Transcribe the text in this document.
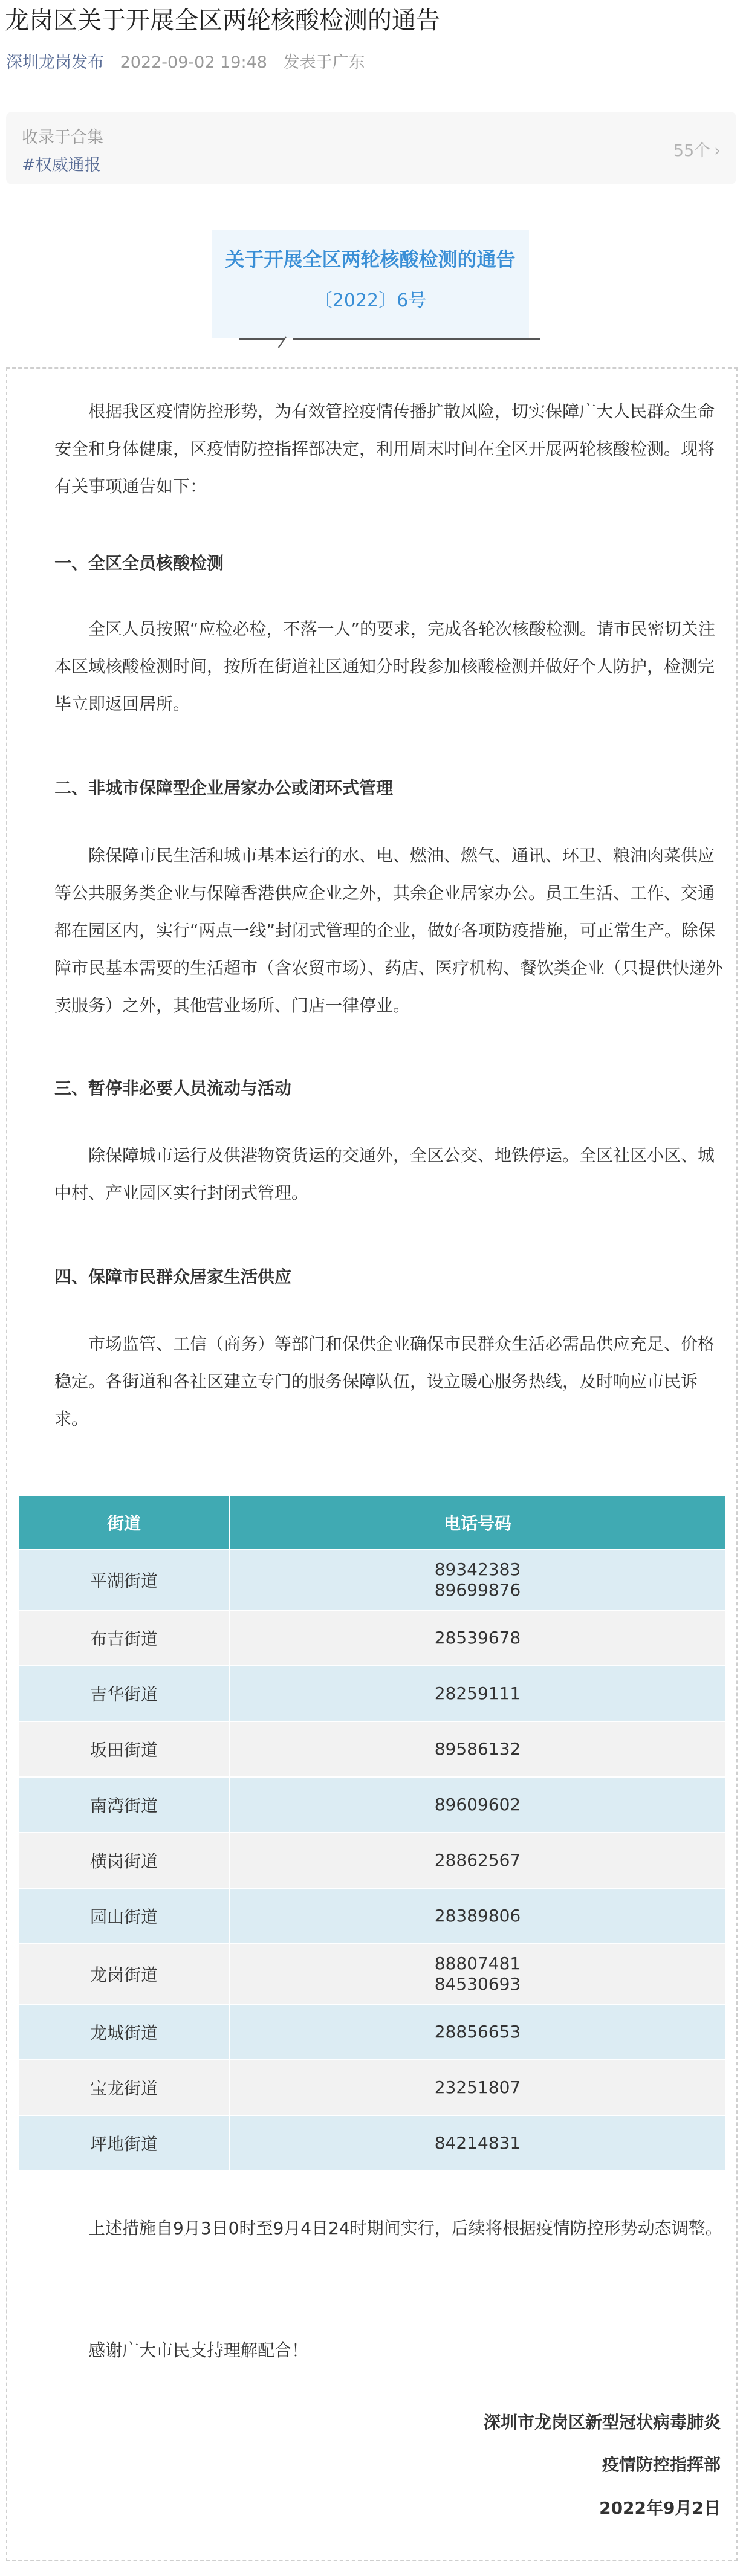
龙岗区关于开展全区两轮核酸检测的通告
深圳龙岗发布 2022-09-02 19:48 发表于广东
收录于合集
#权威通报
55个 ›
关于开展全区两轮核酸检测的通告
〔2022〕6号

根据我区疫情防控形势，为有效管控疫情传播扩散风险，切实保障广大人民群众生命安全和身体健康，区疫情防控指挥部决定，利用周末时间在全区开展两轮核酸检测。现将有关事项通告如下：

一、全区全员核酸检测

全区人员按照“应检必检，不落一人”的要求，完成各轮次核酸检测。请市民密切关注本区域核酸检测时间，按所在街道社区通知分时段参加核酸检测并做好个人防护，检测完毕立即返回居所。

二、非城市保障型企业居家办公或闭环式管理

除保障市民生活和城市基本运行的水、电、燃油、燃气、通讯、环卫、粮油肉菜供应等公共服务类企业与保障香港供应企业之外，其余企业居家办公。员工生活、工作、交通都在园区内，实行“两点一线”封闭式管理的企业，做好各项防疫措施，可正常生产。除保障市民基本需要的生活超市（含农贸市场）、药店、医疗机构、餐饮类企业（只提供快递外卖服务）之外，其他营业场所、门店一律停业。

三、暂停非必要人员流动与活动

除保障城市运行及供港物资货运的交通外，全区公交、地铁停运。全区社区小区、城中村、产业园区实行封闭式管理。

四、保障市民群众居家生活供应

市场监管、工信（商务）等部门和保供企业确保市民群众生活必需品供应充足、价格稳定。各街道和各社区建立专门的服务保障队伍，设立暖心服务热线，及时响应市民诉求。

街道	电话号码
平湖街道	89342383
89699876

布吉街道	28539678

吉华街道	28259111

坂田街道	89586132

南湾街道	89609602

横岗街道	28862567

园山街道	28389806

龙岗街道	88807481
84530693

龙城街道	28856653

宝龙街道	23251807

坪地街道	84214831

上述措施自9月3日0时至9月4日24时期间实行，后续将根据疫情防控形势动态调整。

感谢广大市民支持理解配合！

深圳市龙岗区新型冠状病毒肺炎
疫情防控指挥部
2022年9月2日
